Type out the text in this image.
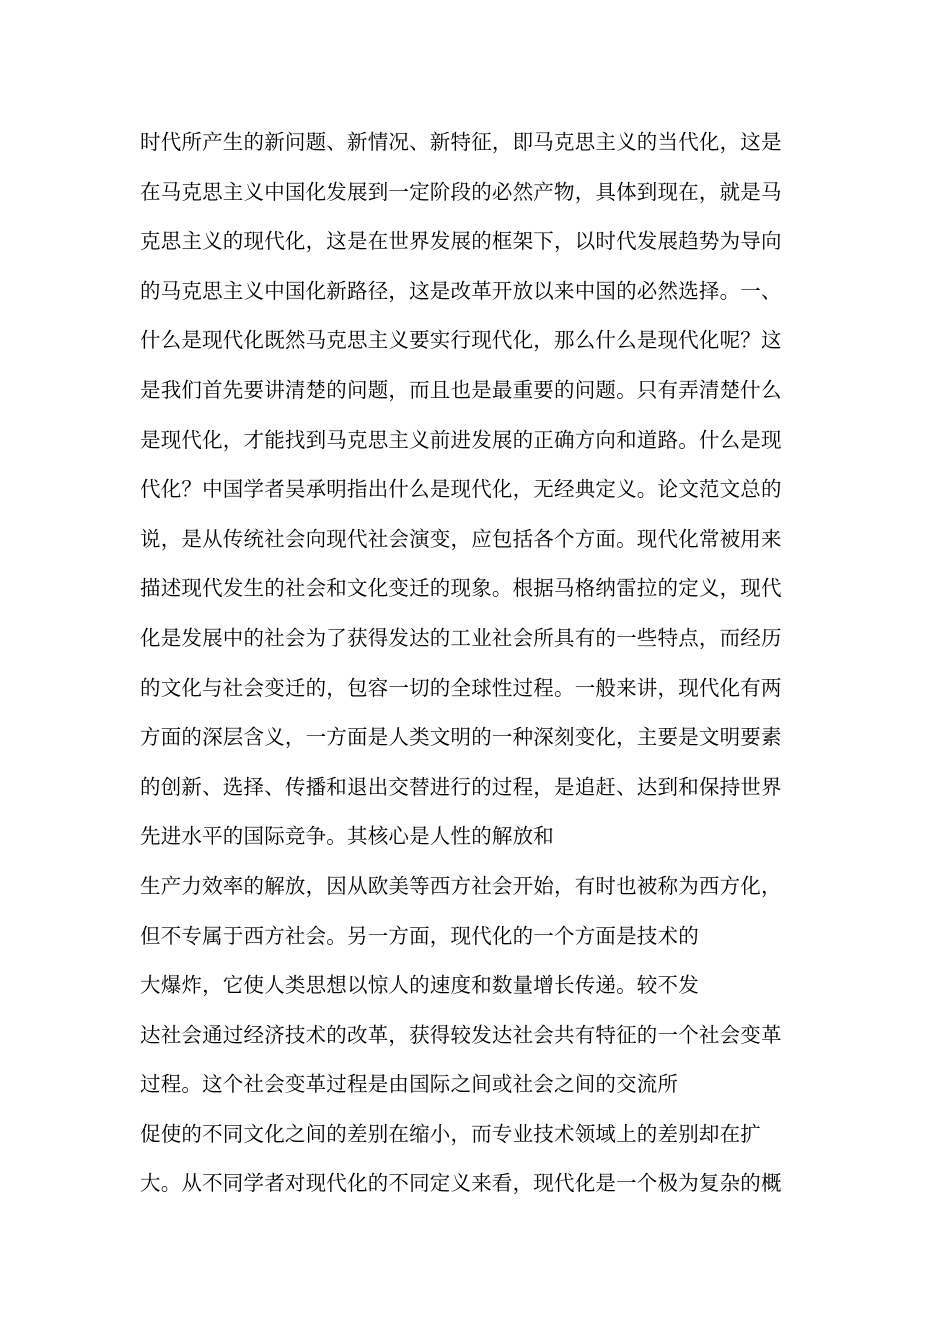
时代所产生的新问题、新情况、新特征，即马克思主义的当代化，这是
在马克思主义中国化发展到一定阶段的必然产物，具体到现在，就是马
克思主义的现代化，这是在世界发展的框架下，以时代发展趋势为导向
的马克思主义中国化新路径，这是改革开放以来中国的必然选择。一、
什么是现代化既然马克思主义要实行现代化，那么什么是现代化呢？这
是我们首先要讲清楚的问题，而且也是最重要的问题。只有弄清楚什么
是现代化，才能找到马克思主义前进发展的正确方向和道路。什么是现
代化？中国学者吴承明指出什么是现代化，无经典定义。论文范文总的
说，是从传统社会向现代社会演变，应包括各个方面。现代化常被用来
描述现代发生的社会和文化变迁的现象。根据马格纳雷拉的定义，现代
化是发展中的社会为了获得发达的工业社会所具有的一些特点，而经历
的文化与社会变迁的，包容一切的全球性过程。一般来讲，现代化有两
方面的深层含义，一方面是人类文明的一种深刻变化，主要是文明要素
的创新、选择、传播和退出交替进行的过程，是追赶、达到和保持世界
先进水平的国际竞争。其核心是人性的解放和
生产力效率的解放，因从欧美等西方社会开始，有时也被称为西方化，
但不专属于西方社会。另一方面，现代化的一个方面是技术的
大爆炸，它使人类思想以惊人的速度和数量增长传递。较不发
达社会通过经济技术的改革，获得较发达社会共有特征的一个社会变革
过程。这个社会变革过程是由国际之间或社会之间的交流所
促使的不同文化之间的差别在缩小，而专业技术领域上的差别却在扩
大。从不同学者对现代化的不同定义来看，现代化是一个极为复杂的概
